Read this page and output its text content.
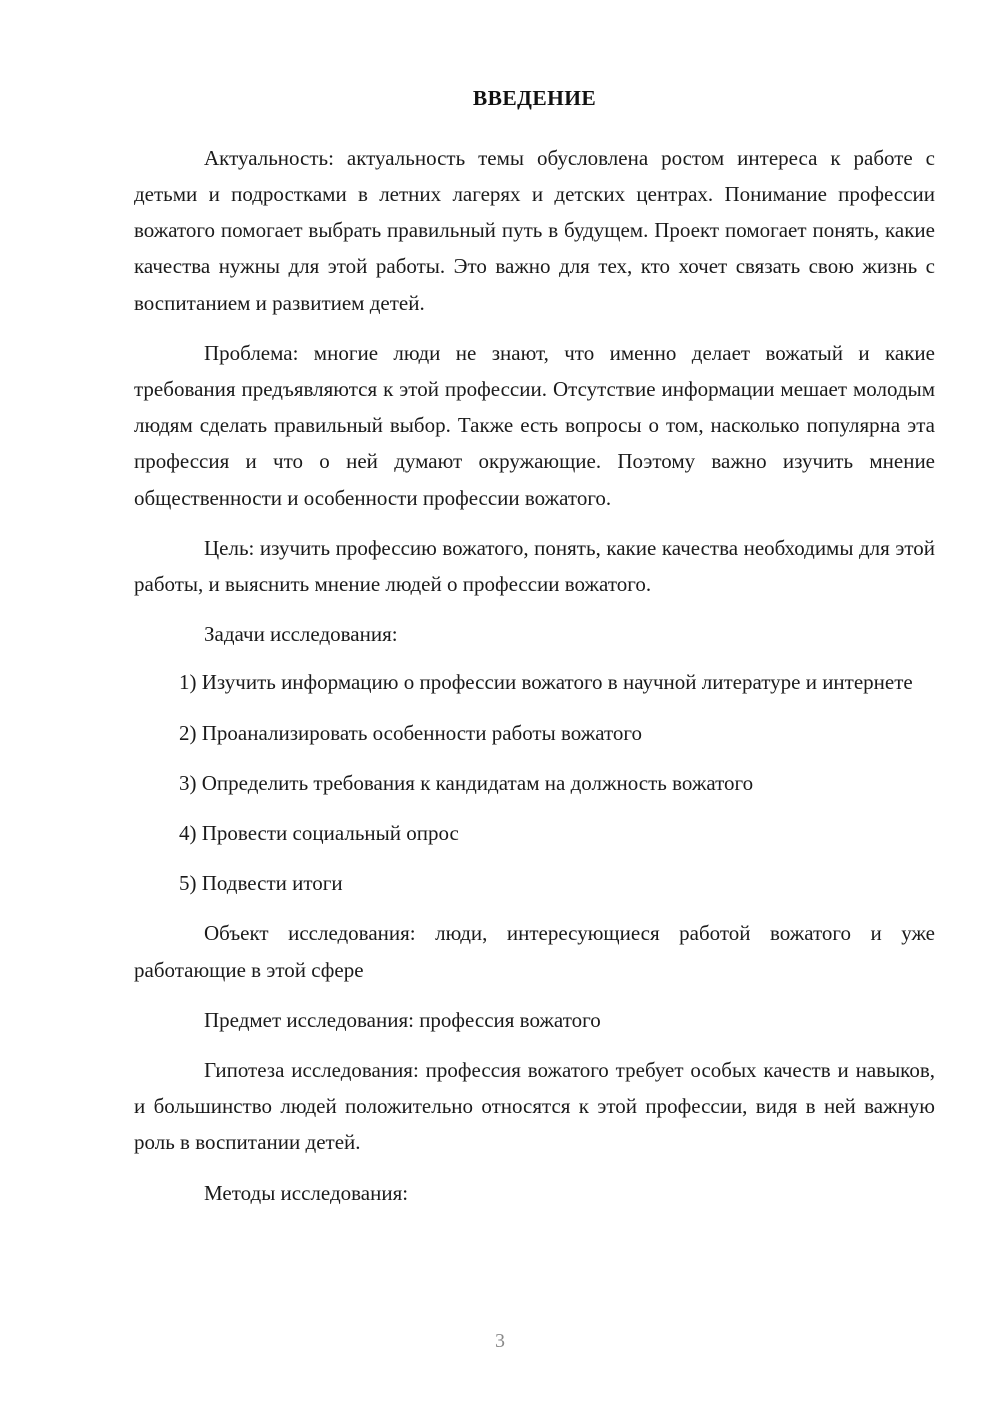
ВВЕДЕНИЕ

Актуальность: актуальность темы обусловлена ростом интереса к работе с детьми и подростками в летних лагерях и детских центрах. Понимание профессии вожатого помогает выбрать правильный путь в будущем. Проект помогает понять, какие качества нужны для этой работы. Это важно для тех, кто хочет связать свою жизнь с воспитанием и развитием детей.

Проблема: многие люди не знают, что именно делает вожатый и какие требования предъявляются к этой профессии. Отсутствие информации мешает молодым людям сделать правильный выбор. Также есть вопросы о том, насколько популярна эта профессия и что о ней думают окружающие. Поэтому важно изучить мнение общественности и особенности профессии вожатого.

Цель: изучить профессию вожатого, понять, какие качества необходимы для этой работы, и выяснить мнение людей о профессии вожатого.

Задачи исследования:

1) Изучить информацию о профессии вожатого в научной литературе и интернете

2) Проанализировать особенности работы вожатого

3) Определить требования к кандидатам на должность вожатого

4) Провести социальный опрос

5) Подвести итоги

Объект исследования: люди, интересующиеся работой вожатого и уже работающие в этой сфере

Предмет исследования: профессия вожатого

Гипотеза исследования: профессия вожатого требует особых качеств и навыков, и большинство людей положительно относятся к этой профессии, видя в ней важную роль в воспитании детей.

Методы исследования:

3
